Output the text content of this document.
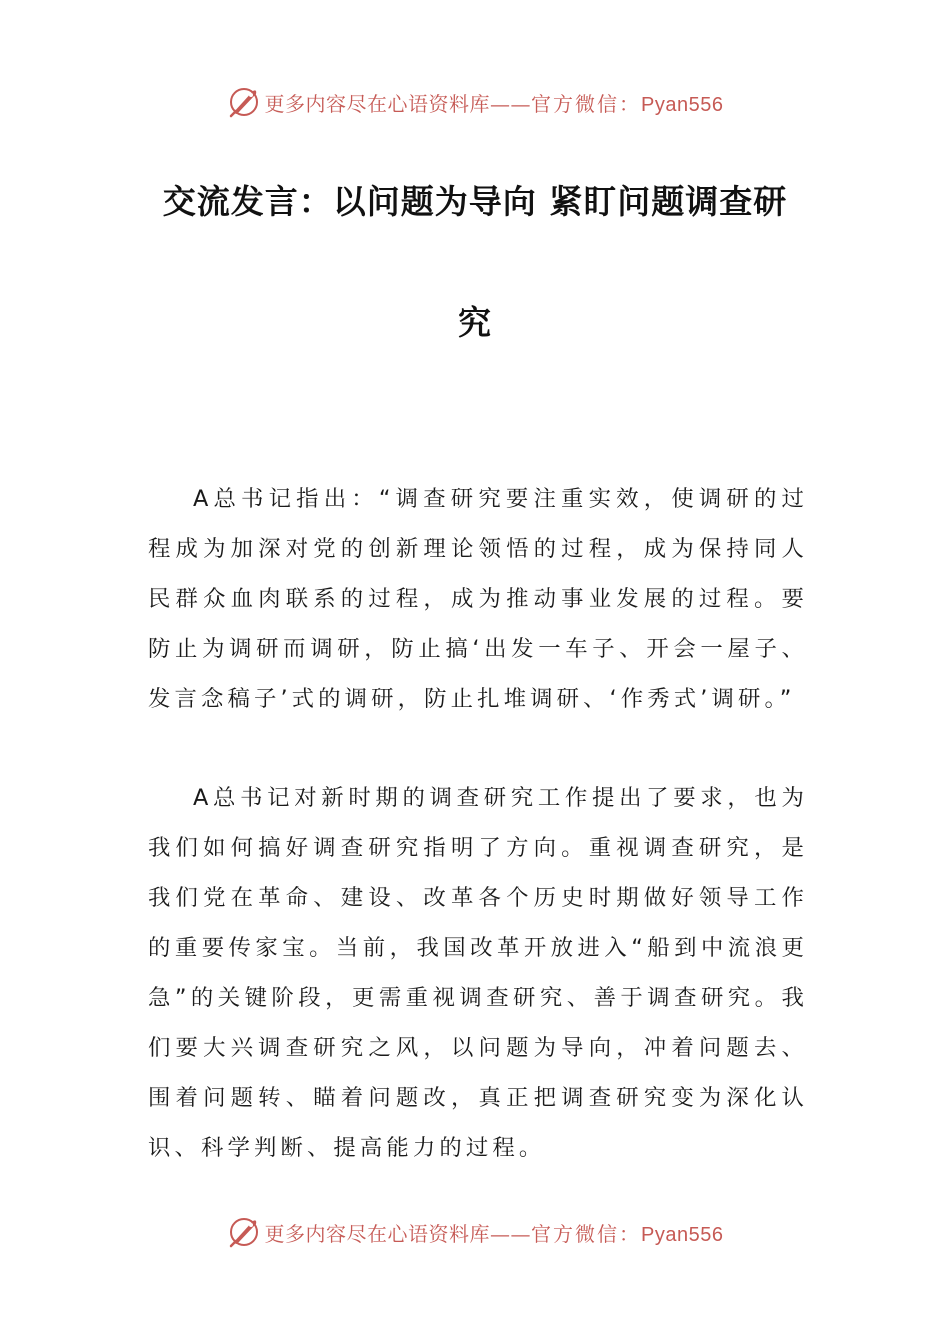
更多内容尽在心语资料库——官方微信：Pyan556
交流发言：以问题为导向 紧盯问题调查研
究

A总书记指出：“调查研究要注重实效，使调研的过程成为加深对党的创新理论领悟的过程，成为保持同人民群众血肉联系的过程，成为推动事业发展的过程。要防止为调研而调研，防止搞‘出发一车子、开会一屋子、发言念稿子’式的调研，防止扎堆调研、‘作秀式’调研。”

A总书记对新时期的调查研究工作提出了要求，也为我们如何搞好调查研究指明了方向。重视调查研究，是我们党在革命、建设、改革各个历史时期做好领导工作的重要传家宝。当前，我国改革开放进入“船到中流浪更急”的关键阶段，更需重视调查研究、善于调查研究。我们要大兴调查研究之风，以问题为导向，冲着问题去、围着问题转、瞄着问题改，真正把调查研究变为深化认识、科学判断、提高能力的过程。

更多内容尽在心语资料库——官方微信：Pyan556
